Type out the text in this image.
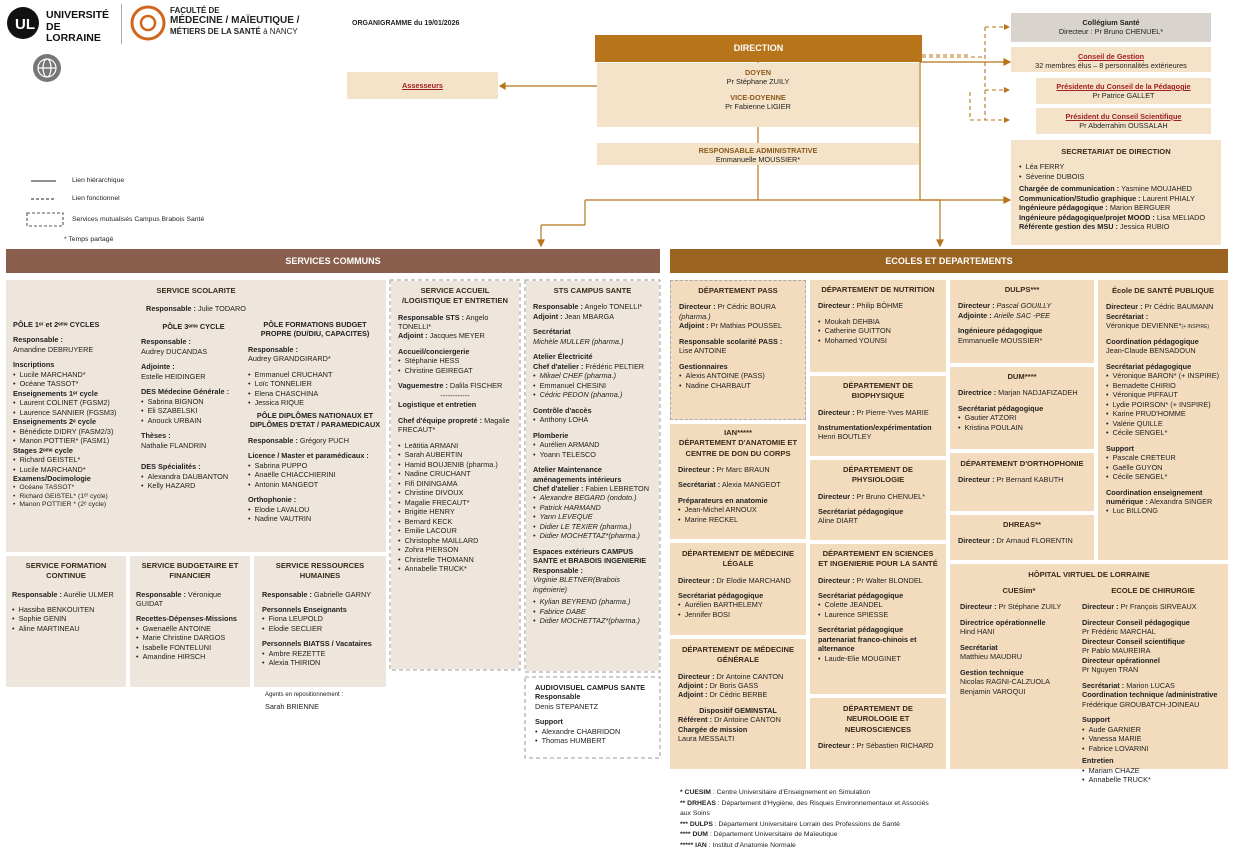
UL
UNIVERSITÉ
DE LORRAINE
FACULTÉ DE
MÉDECINE / MAÏEUTIQUE /
MÉTIERS DE LA SANTÉ à NANCY
ORGANIGRAMME du 19/01/2026
Lien hiérarchique
Lien fonctionnel
Services mutualisés Campus Brabois Santé
* Temps partagé
DIRECTION
DOYEN
Pr Stéphane ZUILY
VICE-DOYENNE
Pr Fabienne LIGIER
Assesseurs
RESPONSABLE ADMINISTRATIVE
Emmanuelle MOUSSIER*
Collégium Santé
Directeur : Pr Bruno CHENUEL*
Conseil de Gestion
32 membres élus – 8 personnalités extérieures
Présidente du Conseil de la Pédagogie
Pr Patrice GALLET
Président du Conseil Scientifique
Pr Abderrahim OUSSALAH
SECRETARIAT DE DIRECTION
• Léa FERRY
• Séverine DUBOIS
Chargée de communication : Yasmine MOUJAHED
Communication/Studio graphique : Laurent PHIALY
Ingénieure pédagogique : Marion BERGUER
Ingénieure pédagogique/projet MOOD : Lisa MELIADO
Référente gestion des MSU : Jessica RUBIO
SERVICES COMMUNS	ECOLES ET DEPARTEMENTS
SERVICE SCOLARITE
Responsable : Julie TODARO
PÔLE 1ᵉʳ et 2ᵉᵐᵉ CYCLES
Responsable :
Amandine DEBRUYERE
Inscriptions
• Lucile MARCHAND*
• Océane TASSOT*
Enseignements 1ᵉʳ cycle
• Laurent COLINET (FGSM2)
• Laurence SANNIER (FGSM3)
Enseignements 2ᵉ cycle
• Bénédicte DIDRY (FASM2/3)
• Manon POTTIER* (FASM1)
Stages 2ᵉᵐᵉ cycle
• Richard GEISTEL*
• Lucile MARCHAND*
Examens/Docimologie
• Océane TASSOT*
• Richard GEISTEL* (1ᵉʳ cycle)
• Manon POTTIER * (2ᵉ cycle)
PÔLE 3ᵉᵐᵉ CYCLE
Responsable :
Audrey DUCANDAS
Adjointe :
Estelle HEIDINGER
DES Médecine Générale :
• Sabrina BIGNON
• Eli SZABELSKI
• Anouck URBAIN
Thèses :
Nathalie FLANDRIN
DES Spécialités :
• Alexandra DAUBANTON
• Kelly HAZARD
PÔLE FORMATIONS BUDGET PROPRE (DU/DIU, CAPACITES)
Responsable :
Audrey GRANDGIRARD*
• Emmanuel CRUCHANT
• Loïc TONNELIER
• Elena CHASCHINA
• Jessica RIQUE
PÔLE DIPLÔMES NATIONAUX ET DIPLÔMES D'ETAT / PARAMEDICAUX
Responsable : Grégory PUCH
Licence / Master et paramédicaux :
• Sabrina PUPPO
• Anaëlle CHIACCHIERINI
• Antonin MANGEOT
Orthophonie :
• Elodie LAVALOU
• Nadine VAUTRIN
SERVICE FORMATION CONTINUE
Responsable : Aurélie ULMER
• Hassiba BENKOUITEN
• Sophie GENIN
• Aline MARTINEAU
SERVICE BUDGETAIRE ET FINANCIER
Responsable : Véronique GUIDAT
Recettes-Dépenses-Missions
• Gwenaëlle ANTOINE
• Marie Christine DARGOS
• Isabelle FONTELUNI
• Amandine HIRSCH
SERVICE RESSOURCES HUMAINES
Responsable : Gabrielle GARNY
Personnels Enseignants
• Fiona LEUPOLD
• Elodie SECLIER
Personnels BIATSS / Vacataires
• Ambre REZETTE
• Alexia THIRION
Agents en repositionnement :
Sarah BRIENNE
SERVICE ACCUEIL /LOGISTIQUE ET ENTRETIEN
Responsable STS : Angelo TONELLI*
Adjoint : Jacques MEYER
Accueil/conciergerie
• Stéphanie HESS
• Christine GEIREGAT
Vaguemestre : Dalila FISCHER
------------
Logistique et entretien
Chef d'équipe propreté : Magalie FRECAUT*
• Leātitia ARMANI
• Sarah AUBERTIN
• Hamid BOUJENIB (pharma.)
• Nadine CRUCHANT
• Fifi DININGAMA
• Christine DIVOUX
• Magalie FRECAUT*
• Brigitte HENRY
• Bernard KECK
• Emilie LACOUR
• Christophe MAILLARD
• Zohra PIERSON
• Christelle THOMANN
• Annabelle TRUCK*
STS CAMPUS SANTE
Responsable : Angelo TONELLI*
Adjoint : Jean MBARGA
Secrétariat
Michèle MULLER (pharma.)
Atelier Électricité
Chef d'atelier : Frédéric PELTIER
• Mikael CHEF (pharma.)
• Emmanuel CHESINI
• Cédric PEDON (pharma.)
Contrôle d'accès
• Anthony LOHA
Plomberie
• Aurélien ARMAND
• Yoann TELESCO
Atelier Maintenance aménagements intérieurs
Chef d'atelier : Fabien LEBRETON
• Alexandre BEGARD (ondoto.)
• Patrick HARMAND
• Yann LEVEQUE
• Didier LE TEXIER (pharma.)
• Didier MOCHETTAZ*(pharma.)
Espaces extérieurs CAMPUS SANTE et BRABOIS INGENIERIE
Responsable :
Virginie BLETNER(Brabois ingénierie)
• Kylian BEYREND (pharma.)
• Fabrice DABE
• Didier MOCHETTAZ*(pharma.)
AUDIOVISUEL CAMPUS SANTE
Responsable
Denis STEPANETZ
Support
• Alexandre CHABRIDON
• Thomas HUMBERT
DÉPARTEMENT PASS
Directeur : Pr Cédric BOURA
(pharma.)
Adjoint : Pr Mathias POUSSEL
Responsable scolarité PASS :
Lise ANTOINE
Gestionnaires
• Alexis ANTOINE (PASS)
• Nadine CHARBAUT
IAN*****
DÉPARTEMENT D'ANATOMIE ET CENTRE DE DON DU CORPS
Directeur : Pr Marc BRAUN
Secrétariat : Alexia MANGEOT
Préparateurs en anatomie
• Jean-Michel ARNOUX
• Marine RECKEL
DÉPARTEMENT DE MÉDECINE LÉGALE
Directeur : Dr Elodie MARCHAND
Secrétariat pédagogique
• Aurélien BARTHELEMY
• Jennifer BOSI
DÉPARTEMENT DE MÉDECINE GÉNÉRALE
Directeur : Dr Antoine CANTON
Adjoint : Dr Boris GASS
Adjoint : Dr Cédric BERBE
Dispositif GEMINSTAL
Référent : Dr Antoine CANTON
Chargée de mission
Laura MESSALTI
DÉPARTEMENT DE NUTRITION
Directeur : Philip BÖHME
• Moukah DEHBIA
• Catherine GUITTON
• Mohamed YOUNSI
DÉPARTEMENT DE BIOPHYSIQUE
Directeur : Pr Pierre-Yves MARIE
Instrumentation/expérimentation
Henri BOUTLEY
DÉPARTEMENT DE PHYSIOLOGIE
Directeur : Pr Bruno CHENUEL*
Secrétariat pédagogique
Aline DIART
DÉPARTEMENT EN SCIENCES ET INGENIERIE POUR LA SANTÉ
Directeur : Pr Walter BLONDEL
Secrétariat pédagogique
• Colette JEANDEL
• Laurence SPIESSE
Secrétariat pédagogique partenariat franco-chinois et alternance
• Laude-Elie MOUGINET
DÉPARTEMENT DE NEUROLOGIE ET NEUROSCIENCES
Directeur : Pr Sébastien RICHARD
DULPS***
Directeur : Pascal GOUILLY
Adjointe : Arielle SAC -PEE
Ingénieure pédagogique
Emmanuelle MOUSSIER*
DUM****
Directrice : Marjan NADJAFIZADEH
Secrétariat pédagogique
• Gautier ATZORI
• Kristina POULAIN
DÉPARTEMENT D'ORTHOPHONIE
Directeur : Pr Bernard KABUTH
DHREAS**
Directeur : Dr Arnaud FLORENTIN
École DE SANTÉ PUBLIQUE
Directeur : Pr Cédric BAUMANN
Secrétariat :
Véronique DEVIENNE*(+ INSPIRE)
Coordination pédagogique
Jean-Claude BENSADOUN
Secrétariat pédagogique
• Véronique BARON* (+ INSPIRE)
• Bernadette CHIRIO
• Véronique PIFFAUT
• Lydie POIRSON* (+ INSPIRE)
• Karine PRUD'HOMME
• Valérie QUILLE
• Cécile SENGEL*
Support
• Pascale CRETEUR
• Gaëlle GUYON
• Cécile SENGEL*
Coordination enseignement numérique : Alexandra SINGER
• Luc BILLONG
HÔPITAL VIRTUEL DE LORRAINE
CUESim*
Directeur : Pr Stéphane ZUILY
Directrice opérationnelle
Hind HANI
Secrétariat
Matthieu MAUDRU
Gestion technique
Nicolas RAGNI-CALZUOLA
Benjamin VAROQUI
ECOLE DE CHIRURGIE
Directeur : Pr François SIRVEAUX
Directeur Conseil pédagogique
Pr Frédéric MARCHAL
Directeur Conseil scientifique
Pr Pablo MAUREIRA
Directeur opérationnel
Pr Nguyen TRAN
Secrétariat : Marion LUCAS
Coordination technique /administrative
Frédérique GROUBATCH-JOINEAU
Support
• Aude GARNIER
• Vanessa MARIE
• Fabrice LOVARINI
Entretien
• Mariam CHAZE
• Annabelle TRUCK*
* CUESIM : Centre Universitaire d'Enseignement en Simulation
** DRHEAS : Département d'Hygiène, des Risques Environnementaux et Associés aux Soins
*** DULPS : Département Universitaire Lorrain des Professions de Santé
**** DUM : Département Universitaire de Maïeutique
***** IAN : Institut d'Anatomie Normale
